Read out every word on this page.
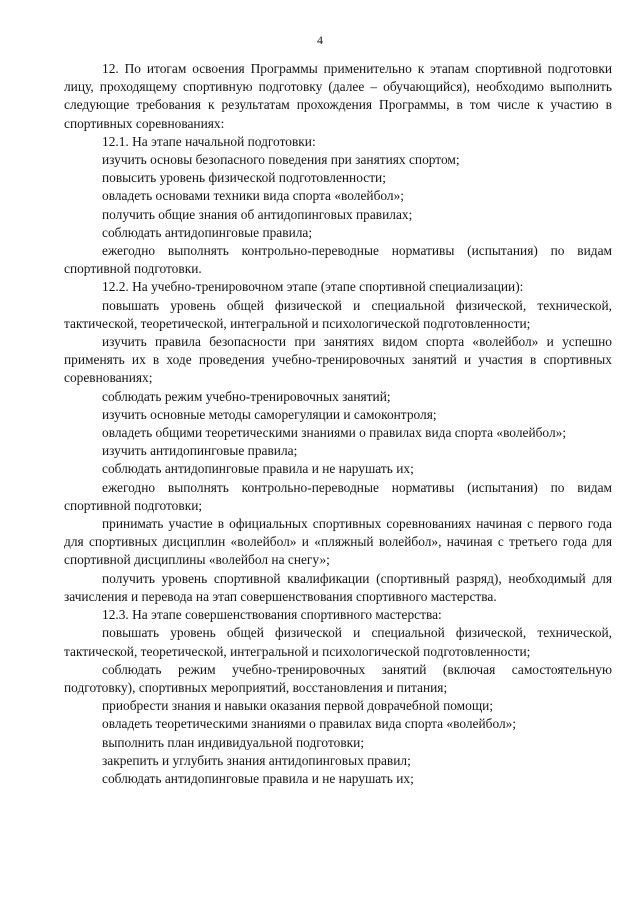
4

12. По итогам освоения Программы применительно к этапам спортивной подготовки лицу, проходящему спортивную подготовку (далее – обучающийся), необходимо выполнить следующие требования к результатам прохождения Программы, в том числе к участию в спортивных соревнованиях:

12.1. На этапе начальной подготовки:

изучить основы безопасного поведения при занятиях спортом;

повысить уровень физической подготовленности;

овладеть основами техники вида спорта «волейбол»;

получить общие знания об антидопинговых правилах;

соблюдать антидопинговые правила;

ежегодно выполнять контрольно-переводные нормативы (испытания) по видам спортивной подготовки.

12.2. На учебно-тренировочном этапе (этапе спортивной специализации):

повышать уровень общей физической и специальной физической, технической, тактической, теоретической, интегральной и психологической подготовленности;

изучить правила безопасности при занятиях видом спорта «волейбол» и успешно применять их в ходе проведения учебно-тренировочных занятий и участия в спортивных соревнованиях;

соблюдать режим учебно-тренировочных занятий;

изучить основные методы саморегуляции и самоконтроля;

овладеть общими теоретическими знаниями о правилах вида спорта «волейбол»;

изучить антидопинговые правила;

соблюдать антидопинговые правила и не нарушать их;

ежегодно выполнять контрольно-переводные нормативы (испытания) по видам спортивной подготовки;

принимать участие в официальных спортивных соревнованиях начиная с первого года для спортивных дисциплин «волейбол» и «пляжный волейбол», начиная с третьего года для спортивной дисциплины «волейбол на снегу»;

получить уровень спортивной квалификации (спортивный разряд), необходимый для зачисления и перевода на этап совершенствования спортивного мастерства.

12.3. На этапе совершенствования спортивного мастерства:

повышать уровень общей физической и специальной физической, технической, тактической, теоретической, интегральной и психологической подготовленности;

соблюдать режим учебно-тренировочных занятий (включая самостоятельную подготовку), спортивных мероприятий, восстановления и питания;

приобрести знания и навыки оказания первой доврачебной помощи;

овладеть теоретическими знаниями о правилах вида спорта «волейбол»;

выполнить план индивидуальной подготовки;

закрепить и углубить знания антидопинговых правил;

соблюдать антидопинговые правила и не нарушать их;
